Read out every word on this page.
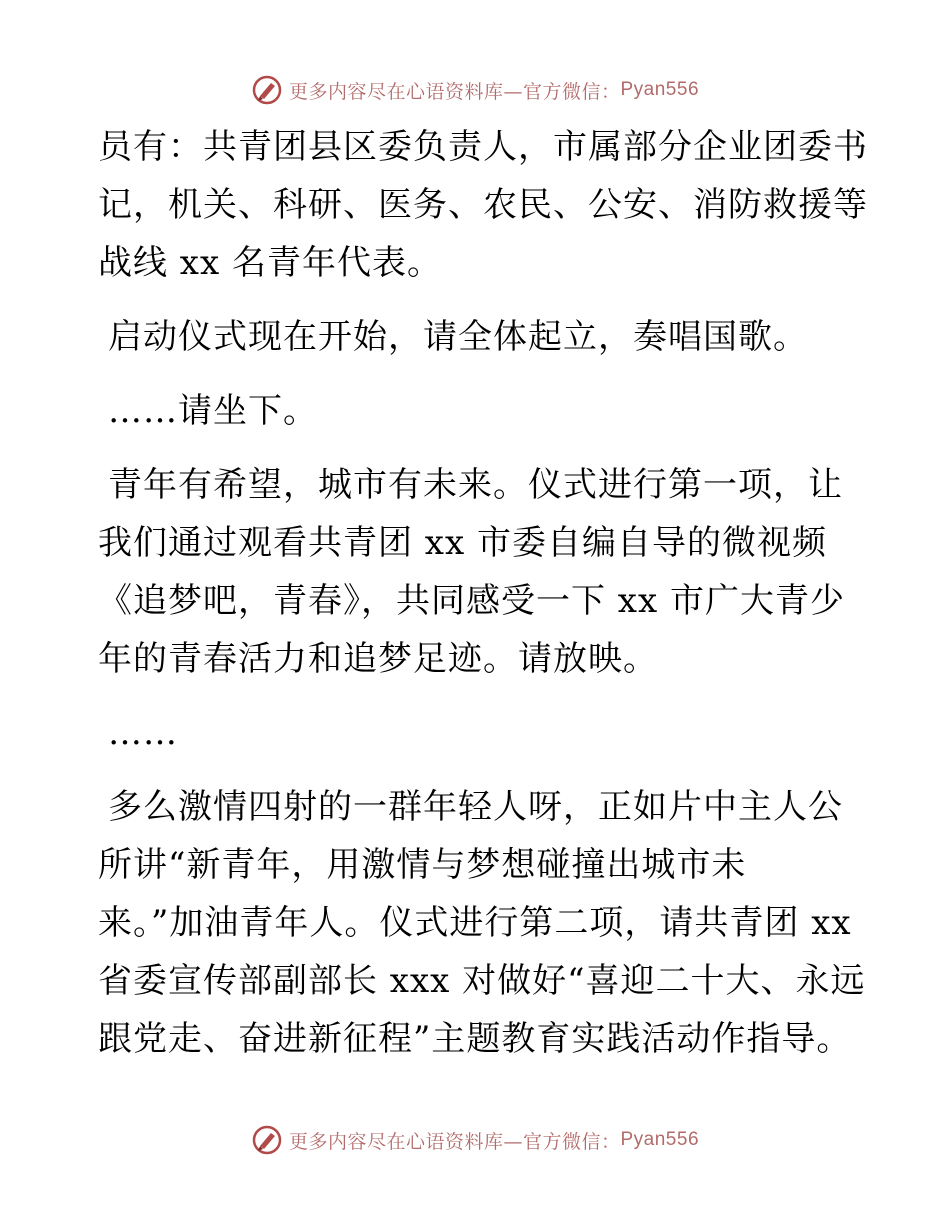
更多内容尽在心语资料库—官方微信： Pyan556

员有：共青团县区委负责人，市属部分企业团委书
记，机关、科研、医务、农民、公安、消防救援等
战线 xx 名青年代表。

启动仪式现在开始，请全体起立，奏唱国歌。

……请坐下。

青年有希望，城市有未来。仪式进行第一项，让
我们通过观看共青团 xx 市委自编自导的微视频
《追梦吧，青春》，共同感受一下 xx 市广大青少
年的青春活力和追梦足迹。请放映。

……

多么激情四射的一群年轻人呀，正如片中主人公
所讲“新青年，用激情与梦想碰撞出城市未
来。”加油青年人。仪式进行第二项，请共青团 xx
省委宣传部副部长 xxx 对做好“喜迎二十大、永远
跟党走、奋进新征程”主题教育实践活动作指导。

更多内容尽在心语资料库—官方微信： Pyan556
